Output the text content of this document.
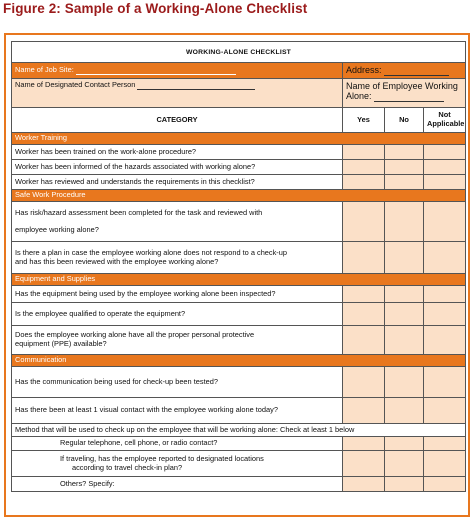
Figure 2: Sample of a Working-Alone Checklist
WORKING-ALONE CHECKLIST			
Name of Job Site:	Address:		
Name of Designated Contact Person	Name of Employee Working
Alone:		

CATEGORY	Yes	No	Not
Applicable

Worker Training			
Worker has been trained on the work-alone procedure?			
Worker has been informed of the hazards associated with working alone?			
Worker has reviewed and understands the requirements in this checklist?			
Safe Work Procedure			

Has risk/hazard assessment been completed for the task and reviewed with
employee working alone?			

Is there a plan in case the employee working alone does not respond to a check-up
and has this been reviewed with the employee working alone?			

Equipment and Supplies			
Has the equipment being used by the employee working alone been inspected?			
Is the employee qualified to operate the equipment?			

Does the employee working alone have all the proper personal protective
equipment (PPE) available?			

Communication			
Has the communication being used for check-up been tested?			
Has there been at least 1 visual contact with the employee working alone today?			
Method that will be used to check up on the employee that will be working alone: Check at least 1 below			
Regular telephone, cell phone, or radio contact?			

If traveling, has the employee reported to designated locations
according to travel check-in plan?			

Others? Specify:			
